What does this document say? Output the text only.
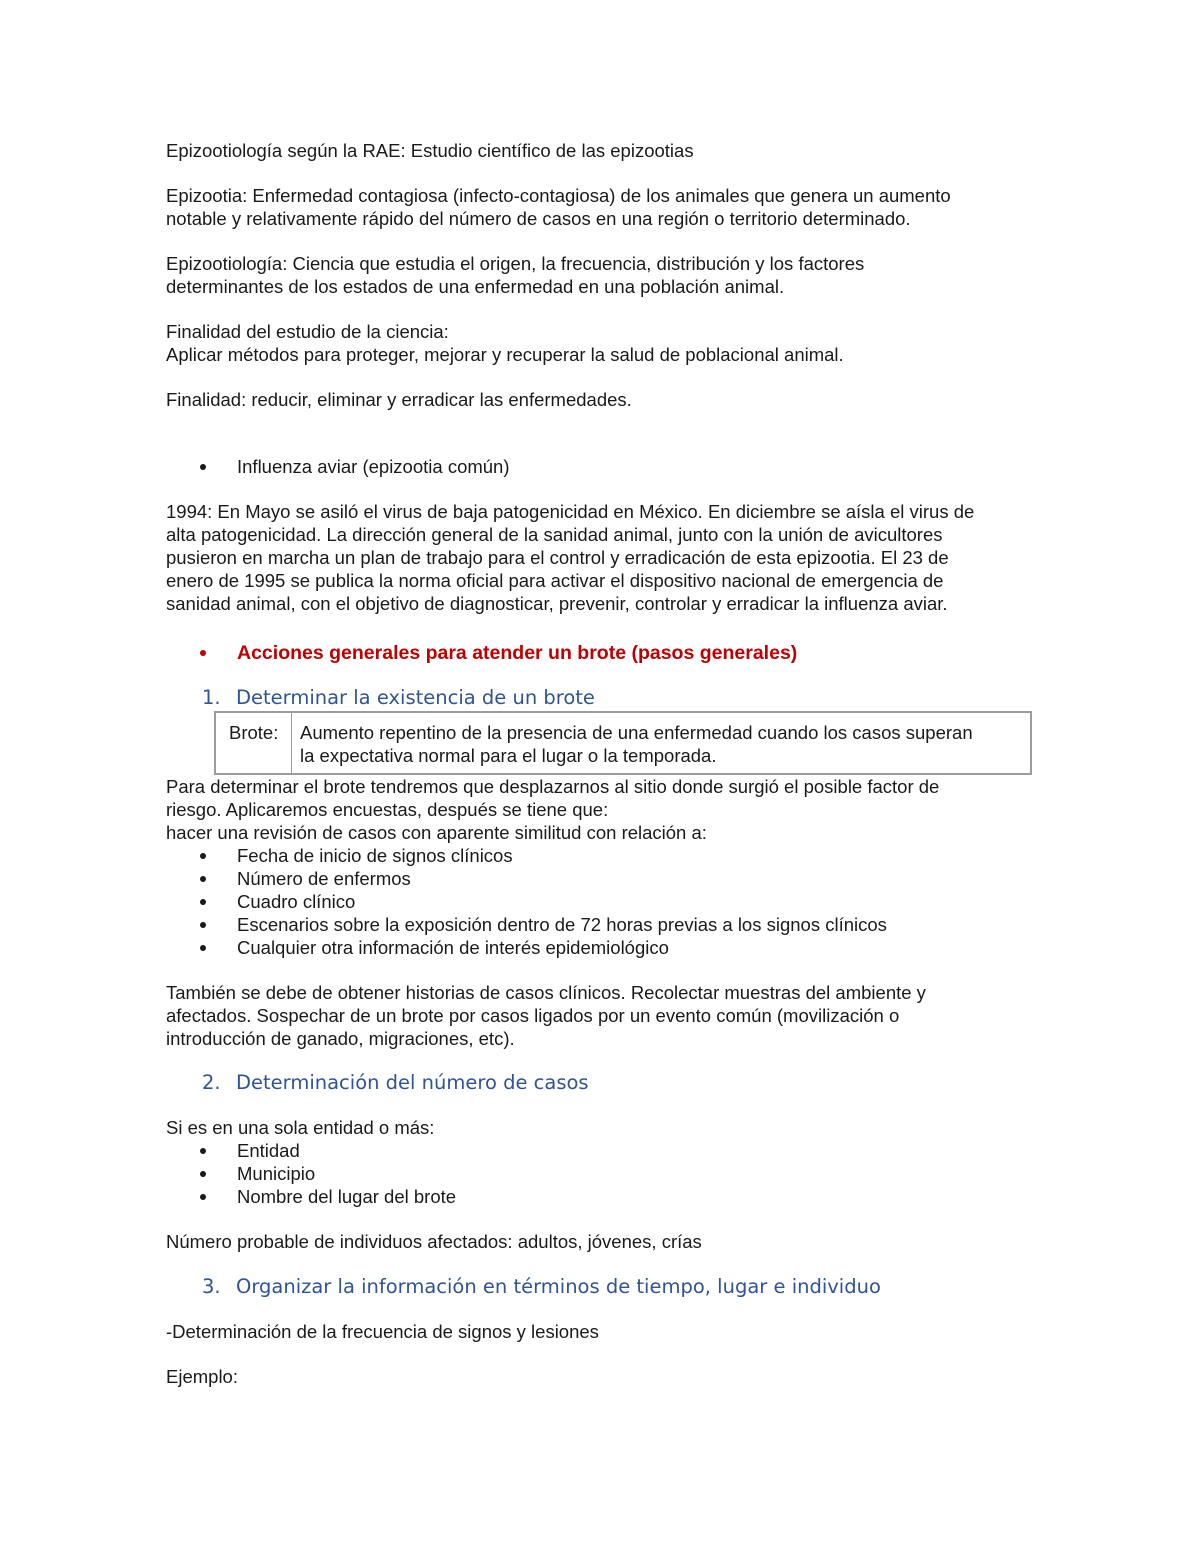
Epizootiología según la RAE: Estudio científico de las epizootias

Epizootia: Enfermedad contagiosa (infecto-contagiosa) de los animales que genera un aumento

notable y relativamente rápido del número de casos en una región o territorio determinado.

Epizootiología: Ciencia que estudia el origen, la frecuencia, distribución y los factores

determinantes de los estados de una enfermedad en una población animal.

Finalidad del estudio de la ciencia:

Aplicar métodos para proteger, mejorar y recuperar la salud de poblacional animal.

Finalidad: reducir, eliminar y erradicar las enfermedades.

Influenza aviar (epizootia común)

1994: En Mayo se asiló el virus de baja patogenicidad en México. En diciembre se aísla el virus de

alta patogenicidad. La dirección general de la sanidad animal, junto con la unión de avicultores

pusieron en marcha un plan de trabajo para el control y erradicación de esta epizootia. El 23 de

enero de 1995 se publica la norma oficial para activar el dispositivo nacional de emergencia de

sanidad animal, con el objetivo de diagnosticar, prevenir, controlar y erradicar la influenza aviar.

Acciones generales para atender un brote (pasos generales)
1. Determinar la existencia de un brote
Brote:	Aumento repentino de la presencia de una enfermedad cuando los casos superan
la expectativa normal para el lugar o la temporada.

Para determinar el brote tendremos que desplazarnos al sitio donde surgió el posible factor de

riesgo. Aplicaremos encuestas, después se tiene que:

hacer una revisión de casos con aparente similitud con relación a:

Fecha de inicio de signos clínicos
Número de enfermos
Cuadro clínico
Escenarios sobre la exposición dentro de 72 horas previas a los signos clínicos
Cualquier otra información de interés epidemiológico

También se debe de obtener historias de casos clínicos. Recolectar muestras del ambiente y

afectados. Sospechar de un brote por casos ligados por un evento común (movilización o

introducción de ganado, migraciones, etc).

2. Determinación del número de casos

Si es en una sola entidad o más:

Entidad
Municipio
Nombre del lugar del brote

Número probable de individuos afectados: adultos, jóvenes, crías

3. Organizar la información en términos de tiempo, lugar e individuo

-Determinación de la frecuencia de signos y lesiones

Ejemplo:
